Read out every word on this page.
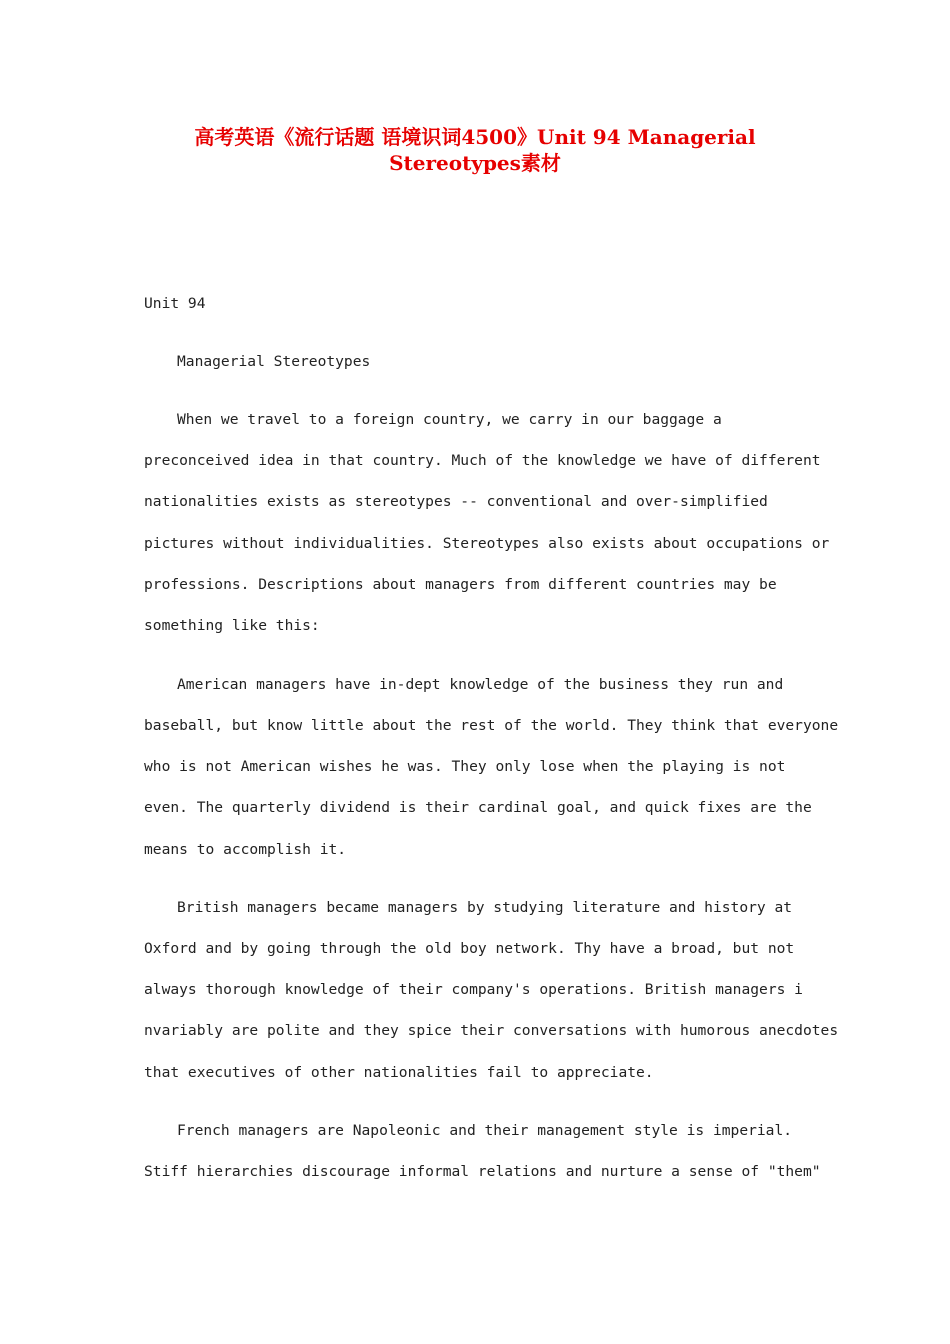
高考英语《流行话题 语境识词4500》Unit 94 Managerial
Stereotypes素材
Unit 94
Managerial Stereotypes
When we travel to a foreign country, we carry in our baggage a
preconceived idea in that country. Much of the knowledge we have of different
nationalities exists as stereotypes -- conventional and over-simplified
pictures without individualities. Stereotypes also exists about occupations or
professions. Descriptions about managers from different countries may be
something like this:
American managers have in-dept knowledge of the business they run and
baseball, but know little about the rest of the world. They think that everyone
who is not American wishes he was. They only lose when the playing is not
even. The quarterly dividend is their cardinal goal, and quick fixes are the
means to accomplish it.
British managers became managers by studying literature and history at
Oxford and by going through the old boy network. Thy have a broad, but not
always thorough knowledge of their company's operations. British managers i
nvariably are polite and they spice their conversations with humorous anecdotes
that executives of other nationalities fail to appreciate.
French managers are Napoleonic and their management style is imperial.
Stiff hierarchies discourage informal relations and nurture a sense of "them"
